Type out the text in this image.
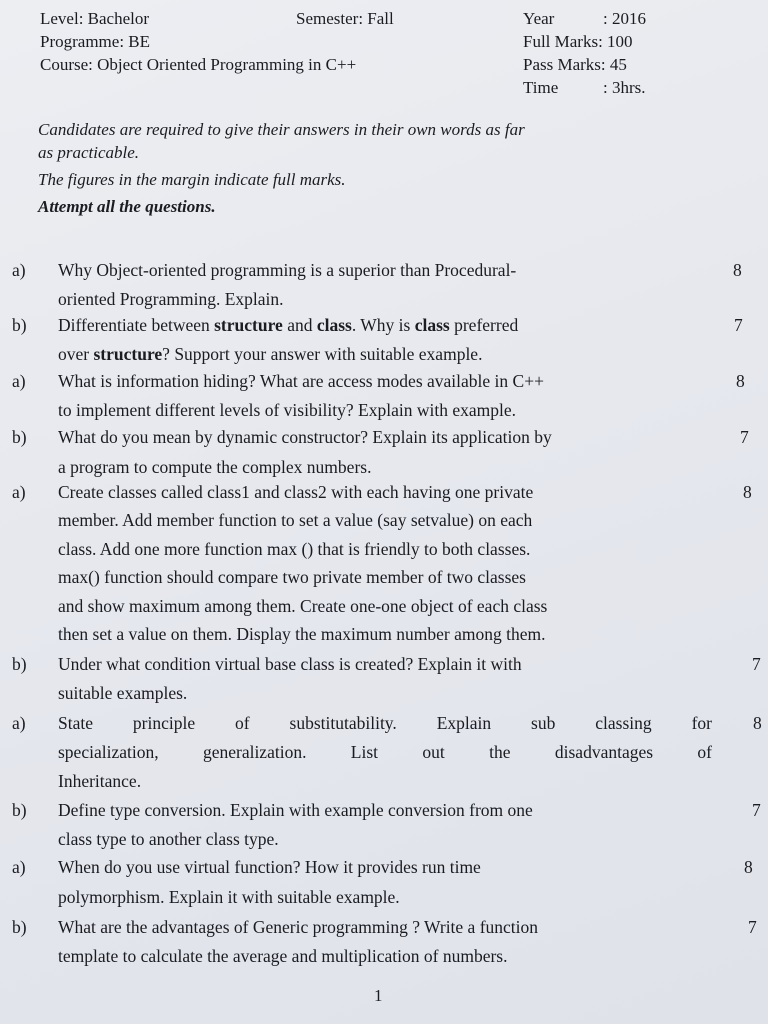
Level: Bachelor
Programme: BE
Course: Object Oriented Programming in C++
Semester: Fall	Year	: 2016
Full Marks: 100
Pass Marks: 45
Time	: 3hrs.

Candidates are required to give their answers in their own words as far

as practicable.

The figures in the margin indicate full marks.

Attempt all the questions.

a) Why Object-oriented programming is a superior than Procedural-
oriented Programming. Explain.
8
b) Differentiate between structure and class. Why is class preferred
over structure? Support your answer with suitable example.
7
a) What is information hiding? What are access modes available in C++
to implement different levels of visibility? Explain with example.
8
b) What do you mean by dynamic constructor? Explain its application by
a program to compute the complex numbers.
7
a) Create classes called class1 and class2 with each having one private
member. Add member function to set a value (say setvalue) on each
class. Add one more function max () that is friendly to both classes.
max() function should compare two private member of two classes
and show maximum among them. Create one-one object of each class
then set a value on them. Display the maximum number among them.
8
b) Under what condition virtual base class is created? Explain it with
suitable examples.
7
a) State principle of substitutability. Explain sub classing for
specialization, generalization. List out the disadvantages of
Inheritance.
8
b) Define type conversion. Explain with example conversion from one
class type to another class type.
7
a) When do you use virtual function? How it provides run time
polymorphism. Explain it with suitable example.
8
b) What are the advantages of Generic programming ? Write a function
template to calculate the average and multiplication of numbers.
7
1
